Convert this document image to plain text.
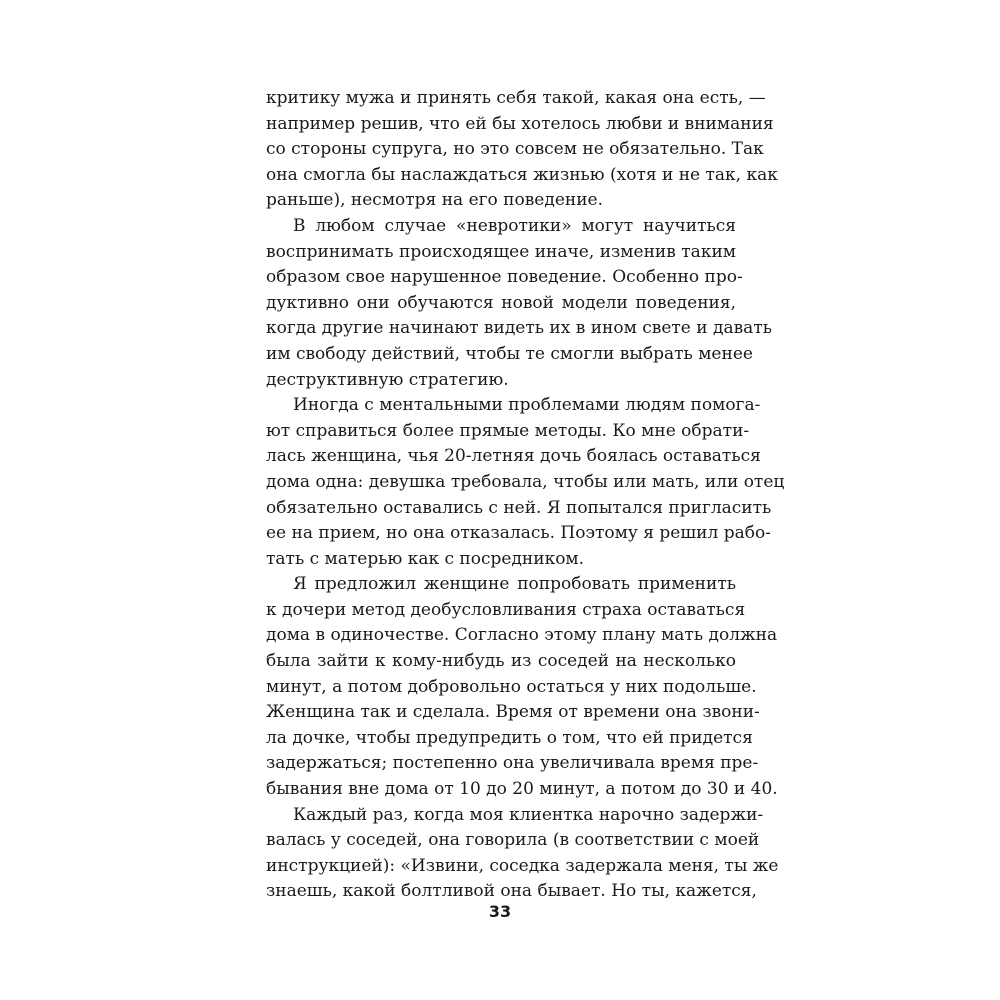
критику мужа и принять себя такой, какая она есть, —
например решив, что ей бы хотелось любви и внимания
со стороны супруга, но это совсем не обязательно. Так
она смогла бы наслаждаться жизнью (хотя и не так, как
раньше), несмотря на его поведение.
В любом случае «невротики» могут научиться
воспринимать происходящее иначе, изменив таким
образом свое нарушенное поведение. Особенно про-
дуктивно они обучаются новой модели поведения,
когда другие начинают видеть их в ином свете и давать
им свободу действий, чтобы те смогли выбрать менее
деструктивную стратегию.
Иногда с ментальными проблемами людям помога-
ют справиться более прямые методы. Ко мне обрати-
лась женщина, чья 20-летняя дочь боялась оставаться
дома одна: девушка требовала, чтобы или мать, или отец
обязательно оставались с ней. Я попытался пригласить
ее на прием, но она отказалась. Поэтому я решил рабо-
тать с матерью как с посредником.
Я предложил женщине попробовать применить
к дочери метод деобусловливания страха оставаться
дома в одиночестве. Согласно этому плану мать должна
была зайти к кому-нибудь из соседей на несколько
минут, а потом добровольно остаться у них подольше.
Женщина так и сделала. Время от времени она звони-
ла дочке, чтобы предупредить о том, что ей придется
задержаться; постепенно она увеличивала время пре-
бывания вне дома от 10 до 20 минут, а потом до 30 и 40.
Каждый раз, когда моя клиентка нарочно задержи-
валась у соседей, она говорила (в соответствии с моей
инструкцией): «Извини, соседка задержала меня, ты же
знаешь, какой болтливой она бывает. Но ты, кажется,
33
